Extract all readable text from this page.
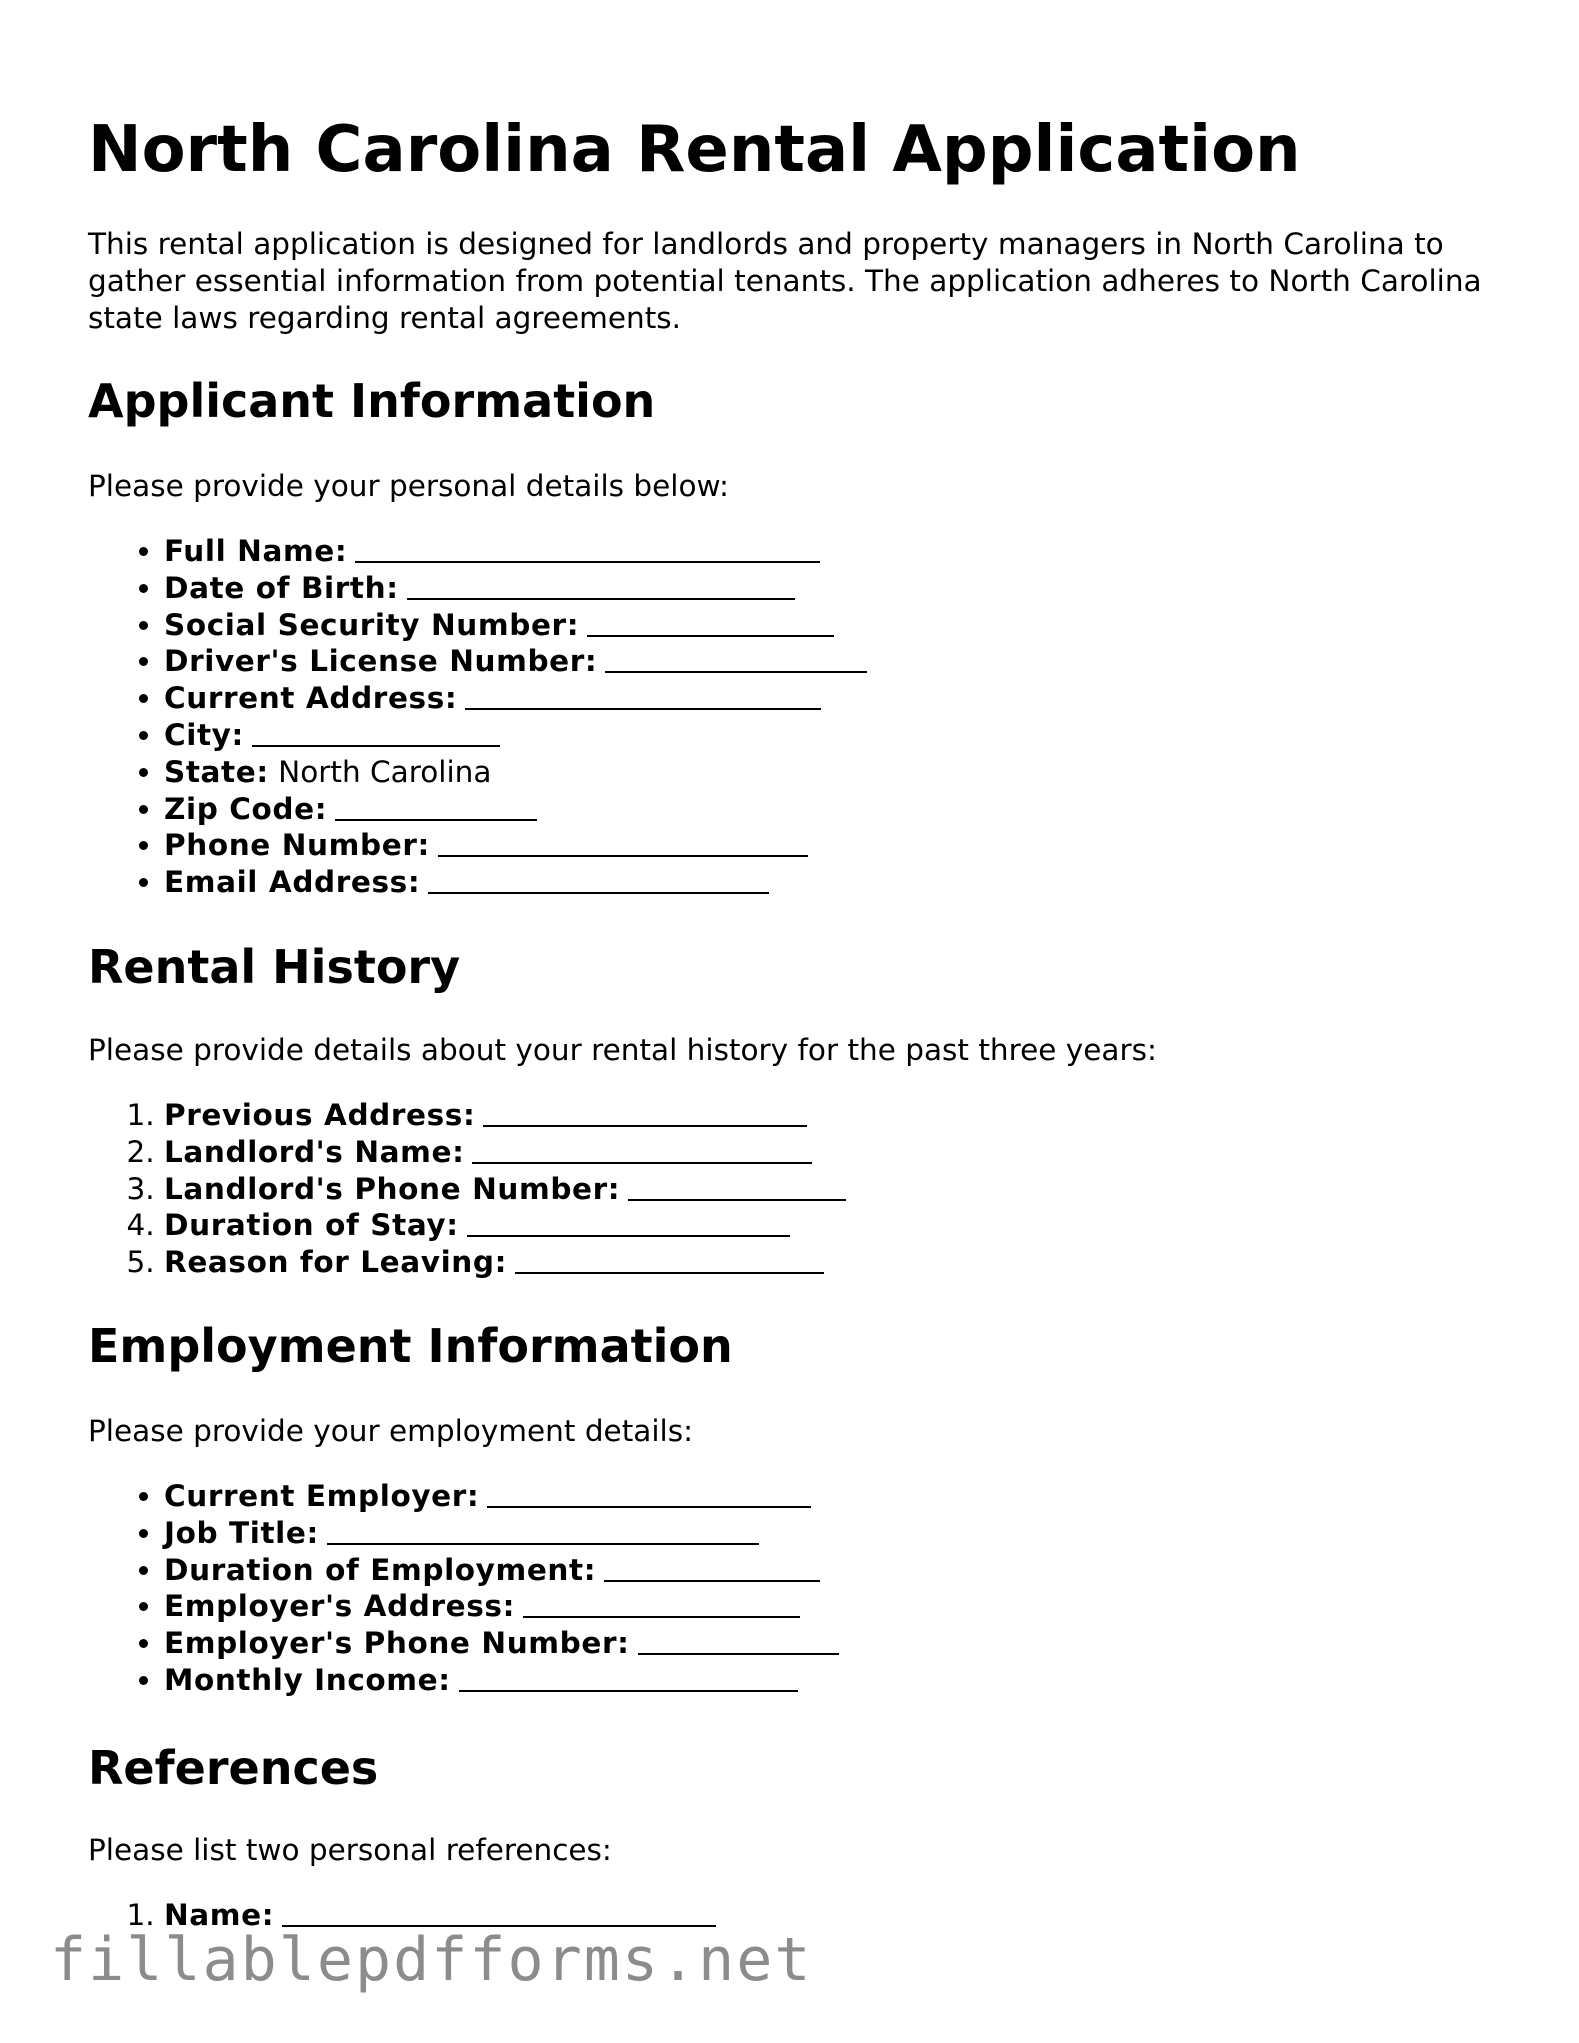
North Carolina Rental Application

This rental application is designed for landlords and property managers in North Carolina to gather essential information from potential tenants. The application adheres to North Carolina state laws regarding rental agreements.

Applicant Information

Please provide your personal details below:

• Full Name:
• Date of Birth:
• Social Security Number:
• Driver's License Number:
• Current Address:
• City:
• State: North Carolina
• Zip Code:
• Phone Number:
• Email Address:
Rental History

Please provide details about your rental history for the past three years:

1. Previous Address:
2. Landlord's Name:
3. Landlord's Phone Number:
4. Duration of Stay:
5. Reason for Leaving:
Employment Information

Please provide your employment details:

• Current Employer:
• Job Title:
• Duration of Employment:
• Employer's Address:
• Employer's Phone Number:
• Monthly Income:
References

Please list two personal references:

1. Name:
fillablepdfforms.net
